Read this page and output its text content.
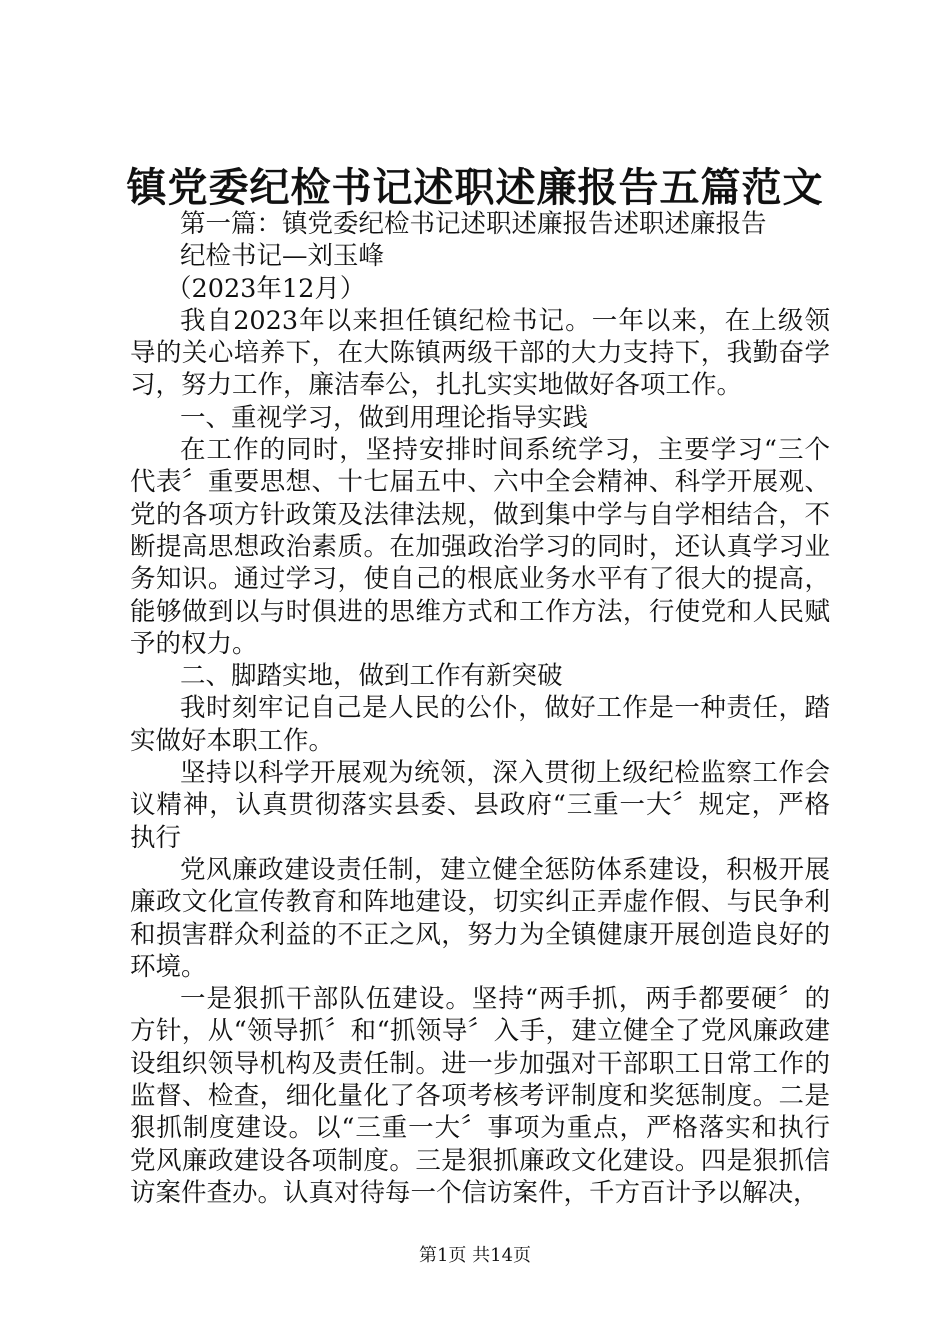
镇党委纪检书记述职述廉报告五篇范文

第一篇：镇党委纪检书记述职述廉报告述职述廉报告

纪检书记—刘玉峰

（2023年12月）

我自2023年以来担任镇纪检书记。一年以来，在上级领导的关心培养下，在大陈镇两级干部的大力支持下，我勤奋学习，努力工作，廉洁奉公，扎扎实实地做好各项工作。

一、重视学习，做到用理论指导实践

在工作的同时，坚持安排时间系统学习，主要学习“三个代表〞重要思想、十七届五中、六中全会精神、科学开展观、党的各项方针政策及法律法规，做到集中学与自学相结合，不断提高思想政治素质。在加强政治学习的同时，还认真学习业务知识。通过学习，使自己的根底业务水平有了很大的提高，能够做到以与时俱进的思维方式和工作方法，行使党和人民赋予的权力。

二、脚踏实地，做到工作有新突破

我时刻牢记自己是人民的公仆，做好工作是一种责任，踏实做好本职工作。

坚持以科学开展观为统领，深入贯彻上级纪检监察工作会议精神，认真贯彻落实县委、县政府“三重一大〞规定，严格执行

党风廉政建设责任制，建立健全惩防体系建设，积极开展廉政文化宣传教育和阵地建设，切实纠正弄虚作假、与民争利和损害群众利益的不正之风，努力为全镇健康开展创造良好的环境。

一是狠抓干部队伍建设。坚持“两手抓，两手都要硬〞的方针，从“领导抓〞和“抓领导〞入手，建立健全了党风廉政建设组织领导机构及责任制。进一步加强对干部职工日常工作的监督、检查，细化量化了各项考核考评制度和奖惩制度。二是狠抓制度建设。以“三重一大〞事项为重点，严格落实和执行党风廉政建设各项制度。三是狠抓廉政文化建设。四是狠抓信访案件查办。认真对待每一个信访案件，千方百计予以解决，

第1页 共14页
